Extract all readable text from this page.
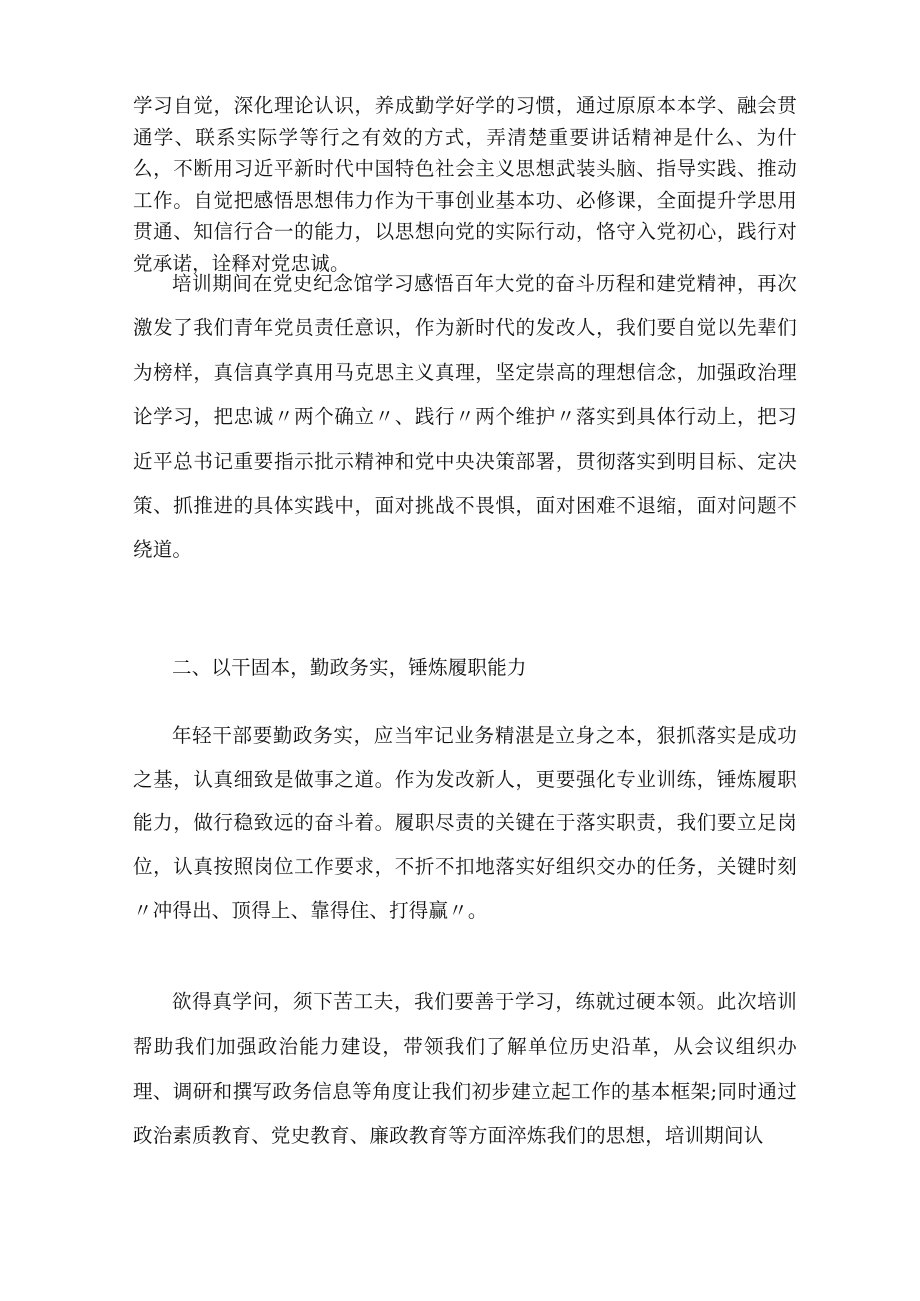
学习自觉，深化理论认识，养成勤学好学的习惯，通过原原本本学、融会贯通学、联系实际学等行之有效的方式，弄清楚重要讲话精神是什么、为什么，不断用习近平新时代中国特色社会主义思想武装头脑、指导实践、推动工作。自觉把感悟思想伟力作为干事创业基本功、必修课，全面提升学思用贯通、知信行合一的能力，以思想向党的实际行动，恪守入党初心，践行对党承诺，诠释对党忠诚。

培训期间在党史纪念馆学习感悟百年大党的奋斗历程和建党精神，再次激发了我们青年党员责任意识，作为新时代的发改人，我们要自觉以先辈们为榜样，真信真学真用马克思主义真理，坚定崇高的理想信念，加强政治理论学习，把忠诚〃两个确立〃、践行〃两个维护〃落实到具体行动上，把习近平总书记重要指示批示精神和党中央决策部署，贯彻落实到明目标、定决策、抓推进的具体实践中，面对挑战不畏惧，面对困难不退缩，面对问题不绕道。

二、以干固本，勤政务实，锤炼履职能力

年轻干部要勤政务实，应当牢记业务精湛是立身之本，狠抓落实是成功之基，认真细致是做事之道。作为发改新人，更要强化专业训练，锤炼履职能力，做行稳致远的奋斗着。履职尽责的关键在于落实职责，我们要立足岗位，认真按照岗位工作要求，不折不扣地落实好组织交办的任务，关键时刻〃冲得出、顶得上、靠得住、打得赢〃。

欲得真学问，须下苦工夫，我们要善于学习，练就过硬本领。此次培训帮助我们加强政治能力建设，带领我们了解单位历史沿革，从会议组织办理、调研和撰写政务信息等角度让我们初步建立起工作的基本框架;同时通过政治素质教育、党史教育、廉政教育等方面淬炼我们的思想，培训期间认
